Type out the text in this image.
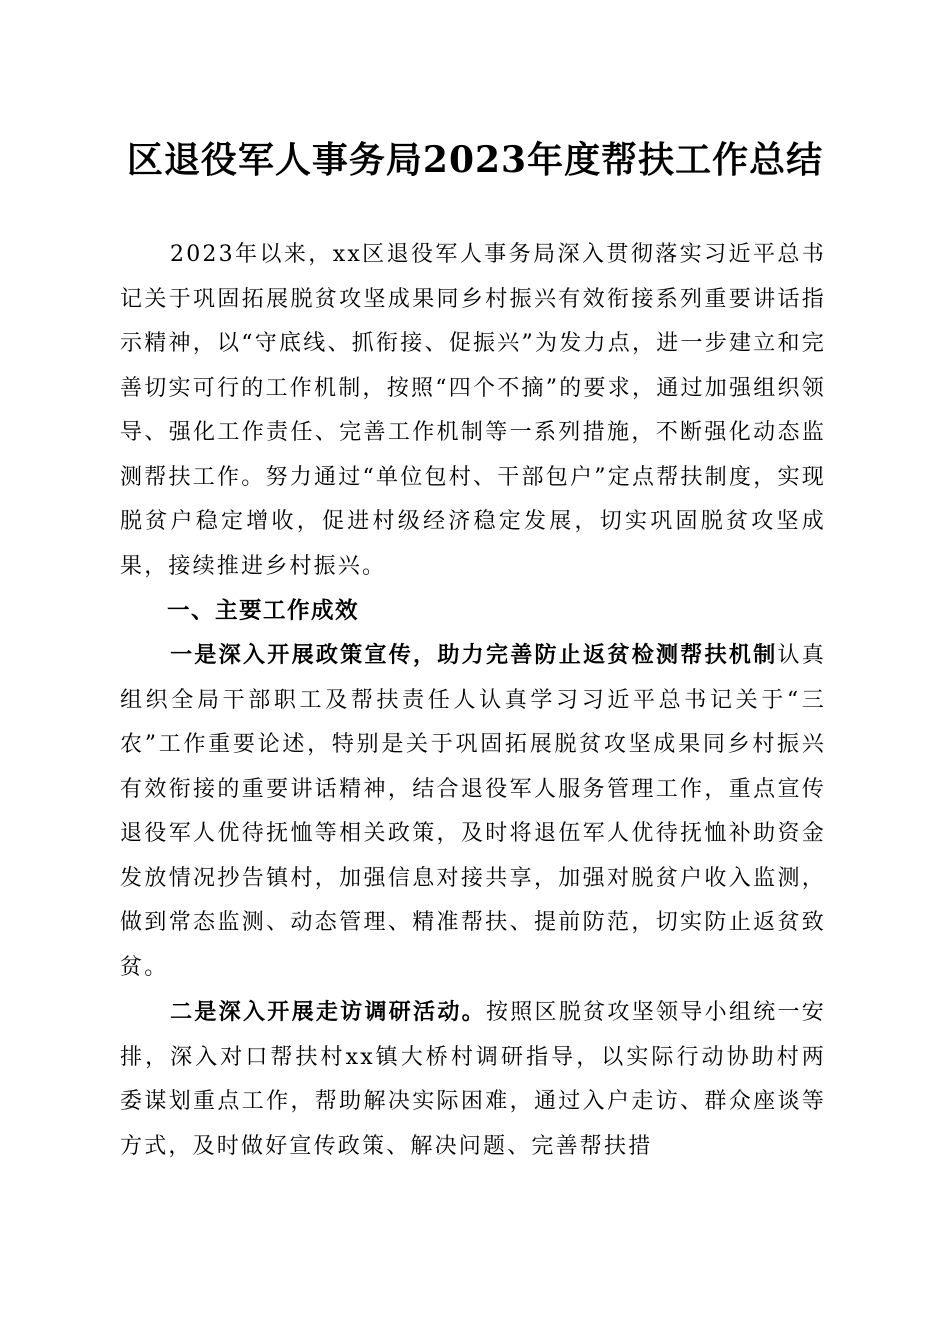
区退役军人事务局2023年度帮扶工作总结

2023年以来，xx区退役军人事务局深入贯彻落实习近平总书记关于巩固拓展脱贫攻坚成果同乡村振兴有效衔接系列重要讲话指示精神，以“守底线、抓衔接、促振兴”为发力点，进一步建立和完善切实可行的工作机制，按照“四个不摘”的要求，通过加强组织领导、强化工作责任、完善工作机制等一系列措施，不断强化动态监测帮扶工作。努力通过“单位包村、干部包户”定点帮扶制度，实现脱贫户稳定增收，促进村级经济稳定发展，切实巩固脱贫攻坚成果，接续推进乡村振兴。

一、主要工作成效

一是深入开展政策宣传，助力完善防止返贫检测帮扶机制认真组织全局干部职工及帮扶责任人认真学习习近平总书记关于“三农”工作重要论述，特别是关于巩固拓展脱贫攻坚成果同乡村振兴有效衔接的重要讲话精神，结合退役军人服务管理工作，重点宣传退役军人优待抚恤等相关政策，及时将退伍军人优待抚恤补助资金发放情况抄告镇村，加强信息对接共享，加强对脱贫户收入监测，做到常态监测、动态管理、精准帮扶、提前防范，切实防止返贫致贫。

二是深入开展走访调研活动。按照区脱贫攻坚领导小组统一安排，深入对口帮扶村xx镇大桥村调研指导，以实际行动协助村两委谋划重点工作，帮助解决实际困难，通过入户走访、群众座谈等方式，及时做好宣传政策、解决问题、完善帮扶措
